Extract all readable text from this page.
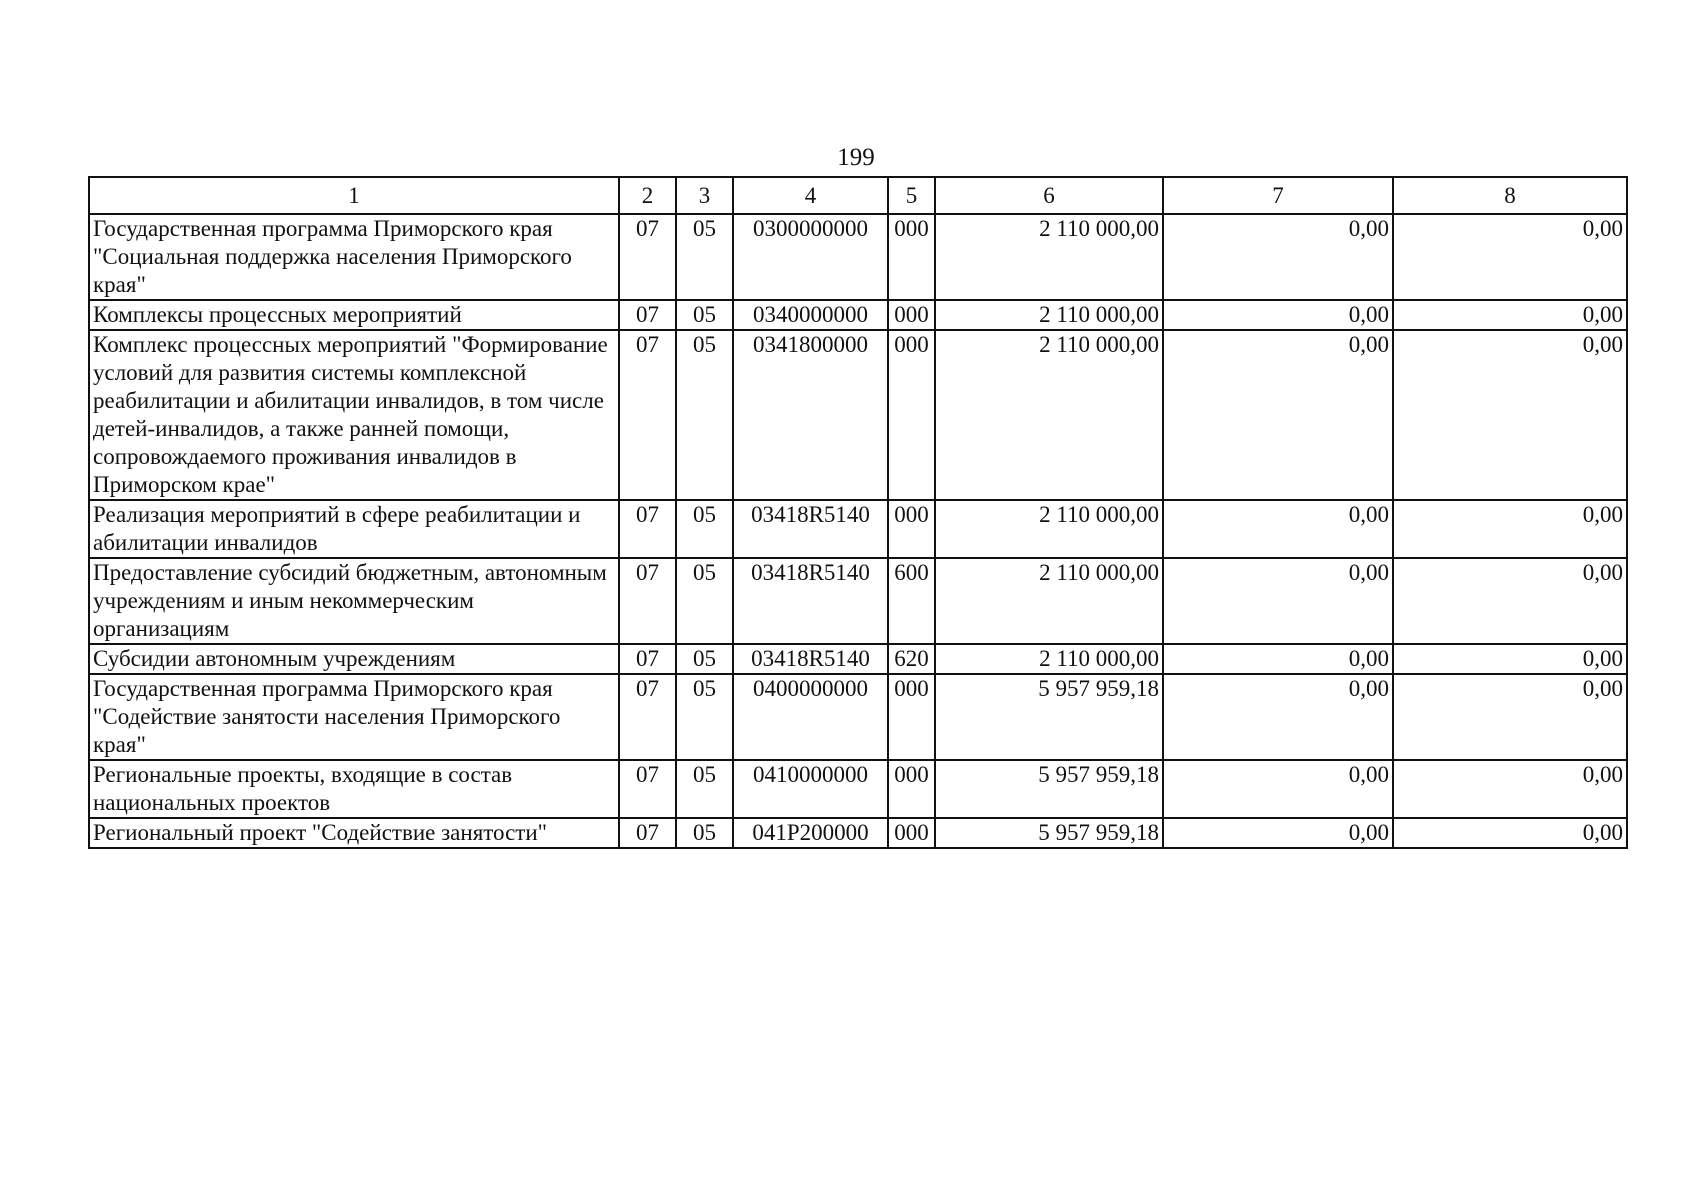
199
1	2	3	4	5	6	7	8
Государственная программа Приморского края "Социальная поддержка населения Приморского края"	07	05	0300000000	000	2 110 000,00	0,00	0,00
Комплексы процессных мероприятий	07	05	0340000000	000	2 110 000,00	0,00	0,00
Комплекс процессных мероприятий "Формирование условий для развития системы комплексной реабилитации и абилитации инвалидов, в том числе детей-инвалидов, а также ранней помощи, сопровождаемого проживания инвалидов в Приморском крае"	07	05	0341800000	000	2 110 000,00	0,00	0,00
Реализация мероприятий в сфере реабилитации и абилитации инвалидов	07	05	03418R5140	000	2 110 000,00	0,00	0,00
Предоставление субсидий бюджетным, автономным учреждениям и иным некоммерческим организациям	07	05	03418R5140	600	2 110 000,00	0,00	0,00
Субсидии автономным учреждениям	07	05	03418R5140	620	2 110 000,00	0,00	0,00
Государственная программа Приморского края "Содействие занятости населения Приморского края"	07	05	0400000000	000	5 957 959,18	0,00	0,00
Региональные проекты, входящие в состав национальных проектов	07	05	0410000000	000	5 957 959,18	0,00	0,00
Региональный проект "Содействие занятости"	07	05	041P200000	000	5 957 959,18	0,00	0,00
